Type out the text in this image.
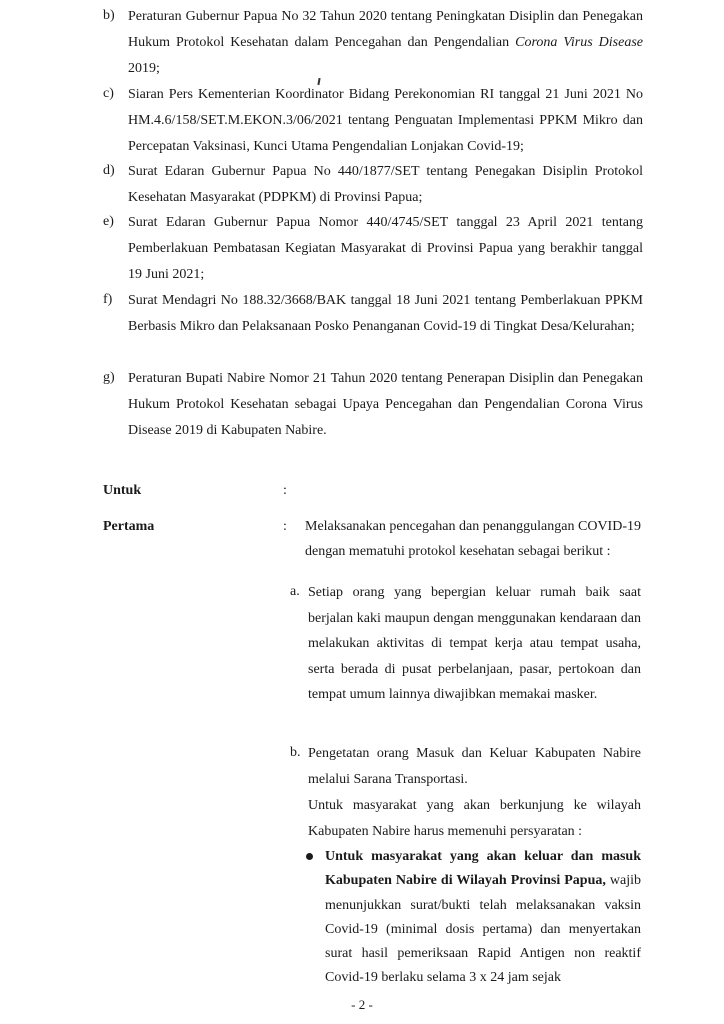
b) Peraturan Gubernur Papua No 32 Tahun 2020 tentang Peningkatan Disiplin dan Penegakan Hukum Protokol Kesehatan dalam Pencegahan dan Pengendalian Corona Virus Disease 2019;
c) Siaran Pers Kementerian Koordinator Bidang Perekonomian RI tanggal 21 Juni 2021 No HM.4.6/158/SET.M.EKON.3/06/2021 tentang Penguatan Implementasi PPKM Mikro dan Percepatan Vaksinasi, Kunci Utama Pengendalian Lonjakan Covid-19;
d) Surat Edaran Gubernur Papua No 440/1877/SET tentang Penegakan Disiplin Protokol Kesehatan Masyarakat (PDPKM) di Provinsi Papua;
e) Surat Edaran Gubernur Papua Nomor 440/4745/SET tanggal 23 April 2021 tentang Pemberlakuan Pembatasan Kegiatan Masyarakat di Provinsi Papua yang berakhir tanggal 19 Juni 2021;
f) Surat Mendagri No 188.32/3668/BAK tanggal 18 Juni 2021 tentang Pemberlakuan PPKM Berbasis Mikro dan Pelaksanaan Posko Penanganan Covid-19 di Tingkat Desa/Kelurahan;
g) Peraturan Bupati Nabire Nomor 21 Tahun 2020 tentang Penerapan Disiplin dan Penegakan Hukum Protokol Kesehatan sebagai Upaya Pencegahan dan Pengendalian Corona Virus Disease 2019 di Kabupaten Nabire.
Untuk	:
Pertama	: Melaksanakan pencegahan dan penanggulangan COVID-19 dengan mematuhi protokol kesehatan sebagai berikut :
a. Setiap orang yang bepergian keluar rumah baik saat berjalan kaki maupun dengan menggunakan kendaraan dan melakukan aktivitas di tempat kerja atau tempat usaha, serta berada di pusat perbelanjaan, pasar, pertokoan dan tempat umum lainnya diwajibkan memakai masker.
b. Pengetatan orang Masuk dan Keluar Kabupaten Nabire melalui Sarana Transportasi.
Untuk masyarakat yang akan berkunjung ke wilayah Kabupaten Nabire harus memenuhi persyaratan :
Untuk masyarakat yang akan keluar dan masuk Kabupaten Nabire di Wilayah Provinsi Papua, wajib menunjukkan surat/bukti telah melaksanakan vaksin Covid-19 (minimal dosis pertama) dan menyertakan surat hasil pemeriksaan Rapid Antigen non reaktif Covid-19 berlaku selama 3 x 24 jam sejak
- 2 -
